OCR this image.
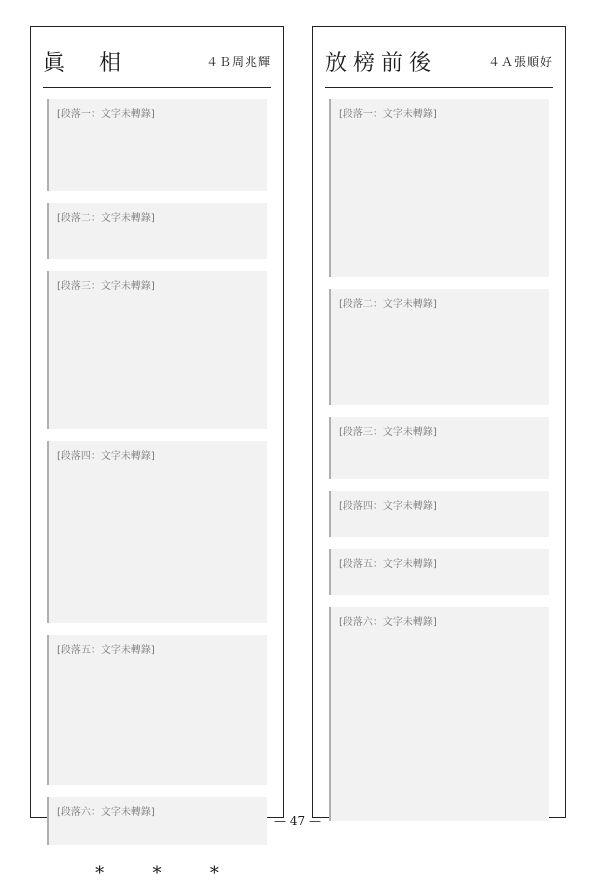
眞　相	４Ｂ周兆輝
[段落一：文字未轉錄]
[段落二：文字未轉錄]
[段落三：文字未轉錄]
[段落四：文字未轉錄]
[段落五：文字未轉錄]
[段落六：文字未轉錄]
*	*	*
放榜前後	４Ａ張順好
[段落一：文字未轉錄]
[段落二：文字未轉錄]
[段落三：文字未轉錄]
[段落四：文字未轉錄]
[段落五：文字未轉錄]
[段落六：文字未轉錄]
— 47 —
